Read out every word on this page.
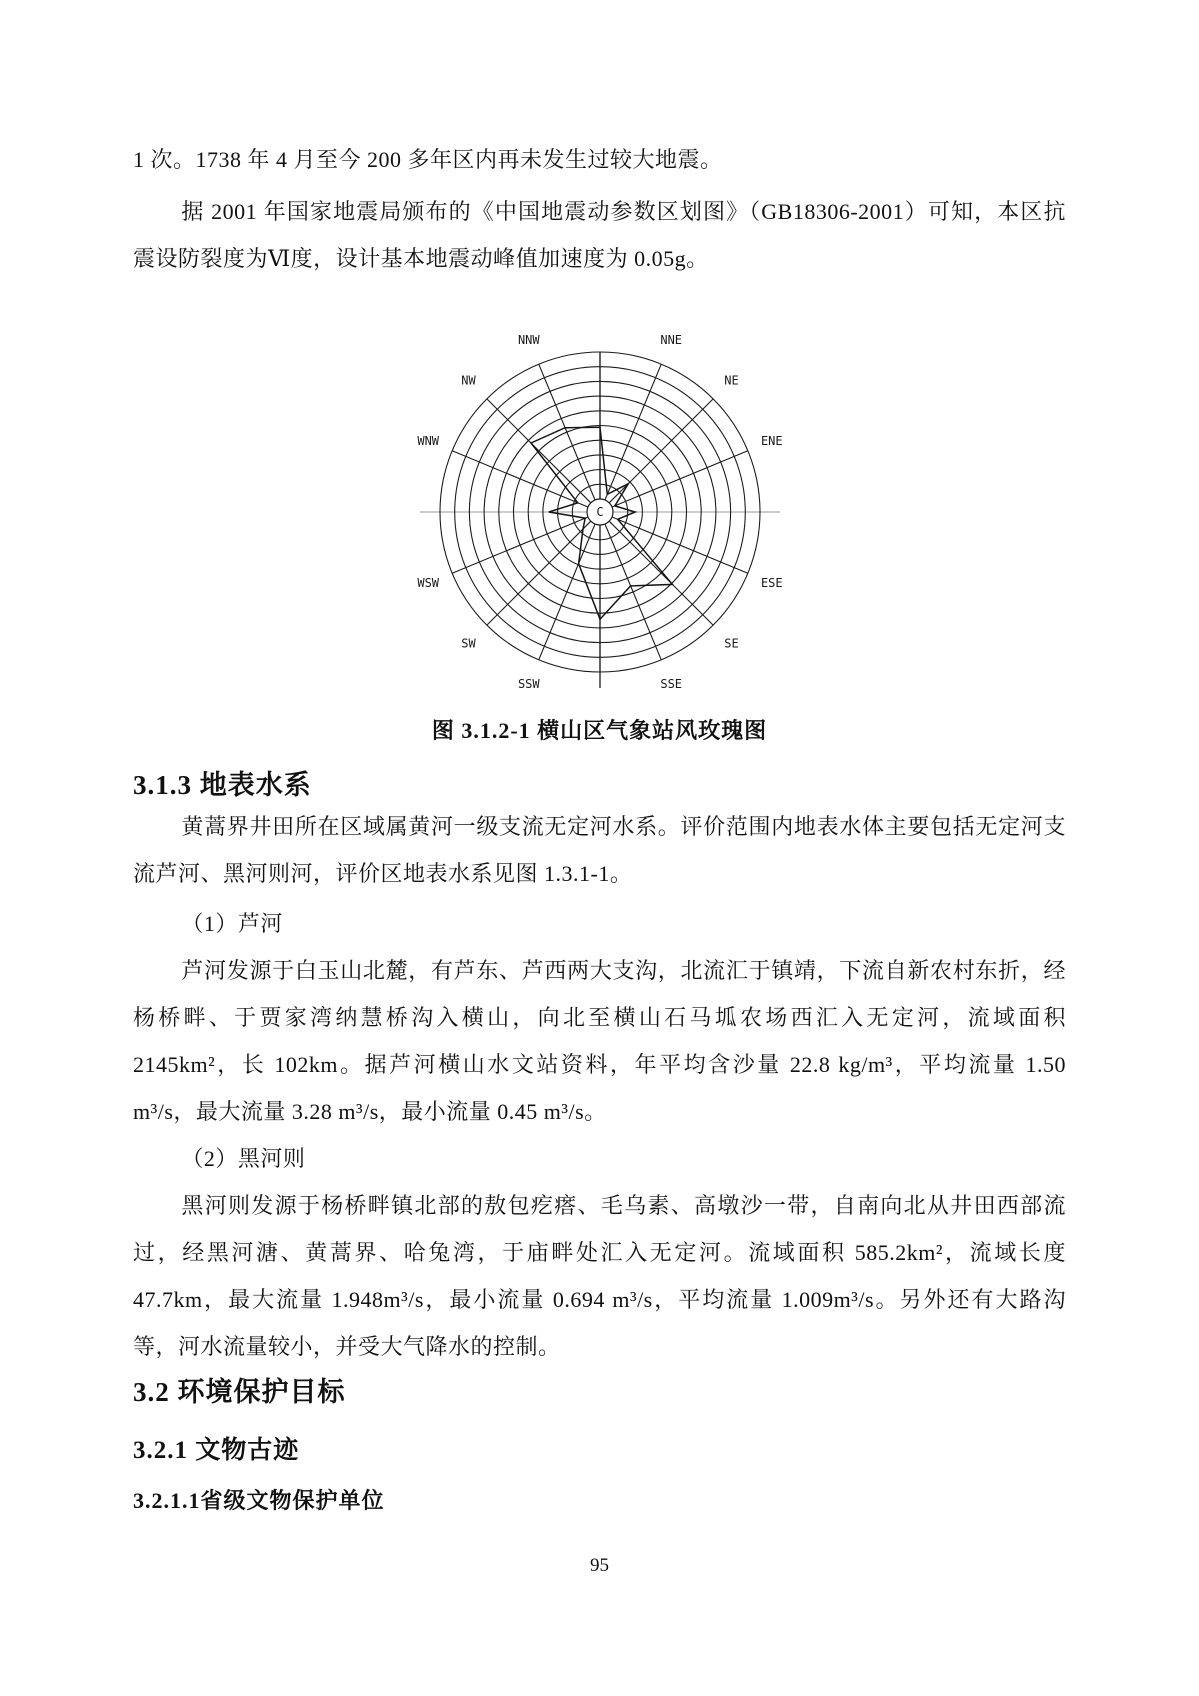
1 次。1738 年 4 月至今 200 多年区内再未发生过较大地震。

据 2001 年国家地震局颁布的《中国地震动参数区划图》（GB18306-2001）可知，本区抗震设防裂度为Ⅵ度，设计基本地震动峰值加速度为 0.05g。

C
NNE
NE
ENE
ESE
SE
SSE
SSW
SW
WSW
WNW
NW
NNW

图 3.1.2-1 横山区气象站风玫瑰图

3.1.3 地表水系

黄蒿界井田所在区域属黄河一级支流无定河水系。评价范围内地表水体主要包括无定河支流芦河、黑河则河，评价区地表水系见图 1.3.1-1。

（1）芦河

芦河发源于白玉山北麓，有芦东、芦西两大支沟，北流汇于镇靖，下流自新农村东折，经杨桥畔、于贾家湾纳慧桥沟入横山，向北至横山石马坬农场西汇入无定河，流域面积 2145km²，长 102km。据芦河横山水文站资料，年平均含沙量 22.8 kg/m³，平均流量 1.50 m³/s，最大流量 3.28 m³/s，最小流量 0.45 m³/s。

（2）黑河则

黑河则发源于杨桥畔镇北部的敖包疙瘩、毛乌素、高墩沙一带，自南向北从井田西部流过，经黑河溏、黄蒿界、哈兔湾，于庙畔处汇入无定河。流域面积 585.2km²，流域长度 47.7km，最大流量 1.948m³/s，最小流量 0.694 m³/s，平均流量 1.009m³/s。另外还有大路沟等，河水流量较小，并受大气降水的控制。

3.2 环境保护目标
3.2.1 文物古迹
3.2.1.1省级文物保护单位
95
